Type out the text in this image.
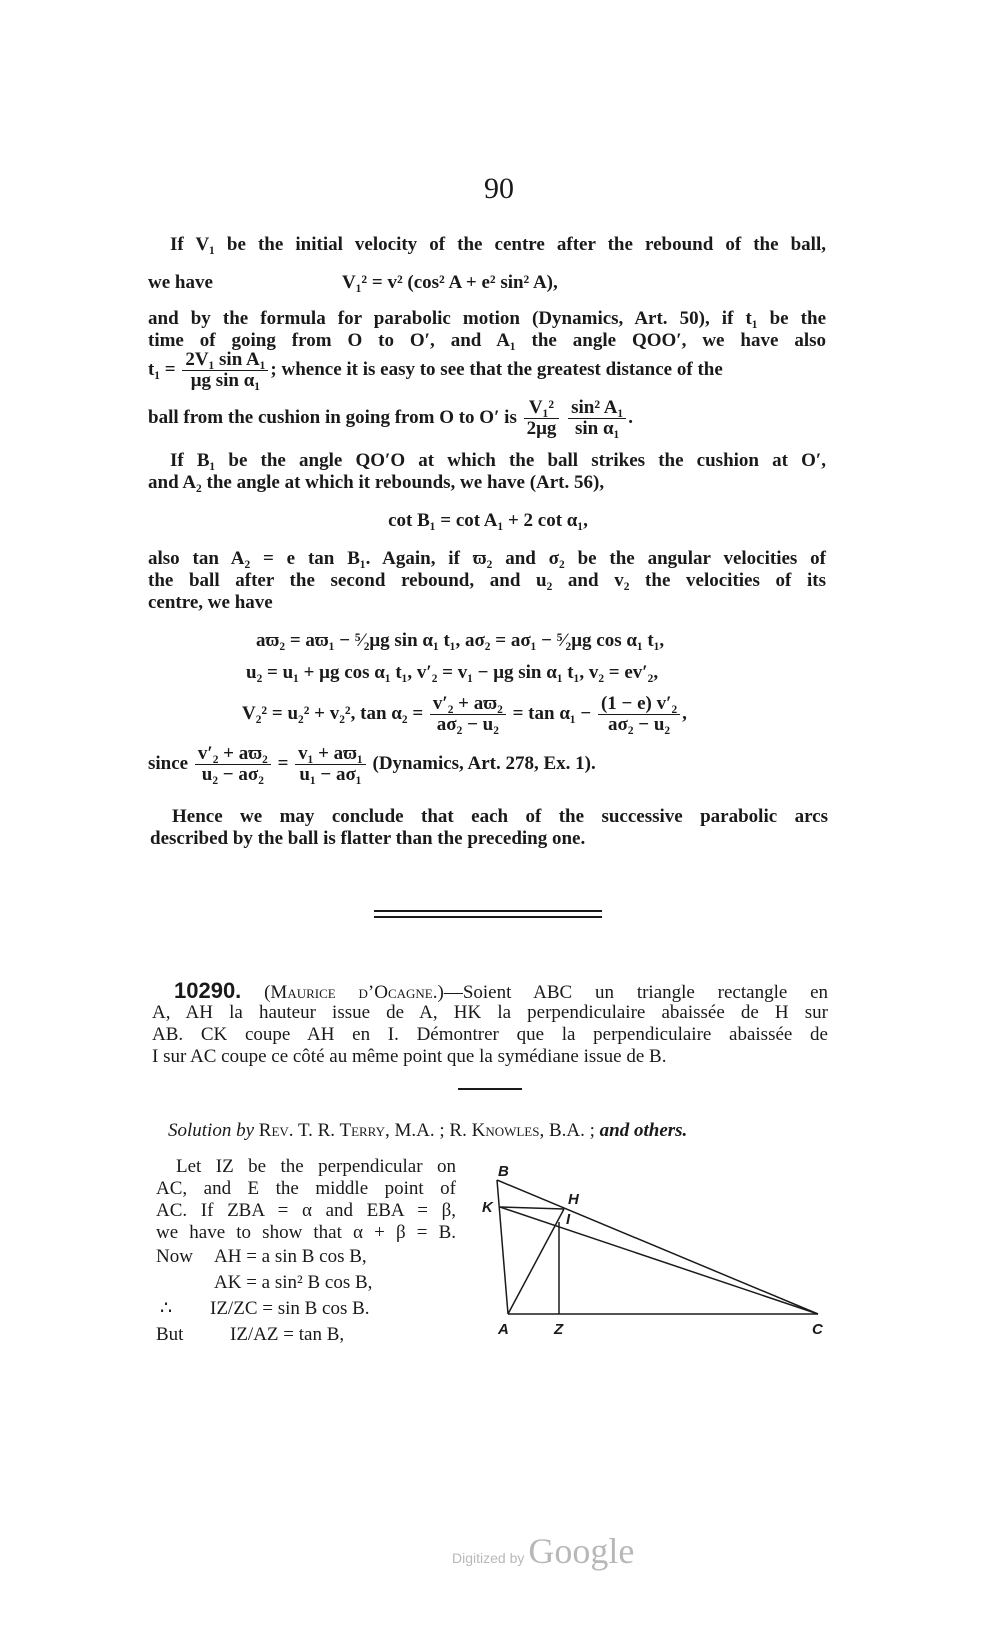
90
If V₁ be the initial velocity of the centre after the rebound of the ball,
we have	V₁² = v² (cos² A + e² sin² A),
and by the formula for parabolic motion (Dynamics, Art. 50), if t₁ be the
time of going from O to O′, and A₁ the angle QOO′, we have also
$t_1 = \frac{\text{2V₁ sin A₁}}{\text{μg sin α₁}}$ ; whence it is easy to see that the greatest distance of the
ball from the cushion in going from O to O′ is $\frac{\text{V₁²}}{2\mu g}$
$\frac{\text{sin² A₁}}{\text{sin α₁}}$ .
If B₁ be the angle QO′O at which the ball strikes the cushion at O′,
and A₂ the angle at which it rebounds, we have (Art. 56),
cot B₁ = cot A₁ + 2 cot α₁,
also tan A₂ = e tan B₁. Again, if ϖ₂ and σ₂ be the angular velocities of
the ball after the second rebound, and u₂ and v₂ the velocities of its
centre, we have
aϖ₂ = aϖ₁ − ⁵⁄₂μg sin α₁ t₁, aσ₂ = aσ₁ − ⁵⁄₂μg cos α₁ t₁,
u₂ = u₁ + μg cos α₁ t₁, v′₂ = v₁ − μg sin α₁ t₁, v₂ = ev′₂,
V₂² = u₂² + v₂², $\tan \alpha_2 = \frac{\text{v′₂ + aϖ₂}}{\text{aσ₂ − u₂}} = \tan \alpha_1 - \frac{\text{(1 − e) v′₂}}{\text{aσ₂ − u₂}}$ ,
since $\frac{\text{v′₂ + aϖ₂}}{\text{u₂ − aσ₂}} = \frac{\text{v₁ + aϖ₁}}{\text{u₁ − aσ₁}}$ (Dynamics, Art. 278, Ex. 1).
Hence we may conclude that each of the successive parabolic arcs
described by the ball is flatter than the preceding one.
10290. (Maurice d’Ocagne.)—Soient ABC un triangle rectangle en
A, AH la hauteur issue de A, HK la perpendiculaire abaissée de H sur
AB. CK coupe AH en I. Démontrer que la perpendiculaire abaissée de
I sur AC coupe ce côté au même point que la symédiane issue de B.
Solution by Rev. T. R. Terry, M.A. ; R. Knowles, B.A. ; and others.
Let IZ be the perpendicular on
AC, and E the middle point of
AC. If ZBA = α and EBA = β,
we have to show that α + β = B.
Now AH = a sin B cos B,
AK = a sin² B cos B,
∴ IZ/ZC = sin B cos B.
But IZ/AZ = tan B,
B
K	H
I
A	Z	C
Digitized by Google
